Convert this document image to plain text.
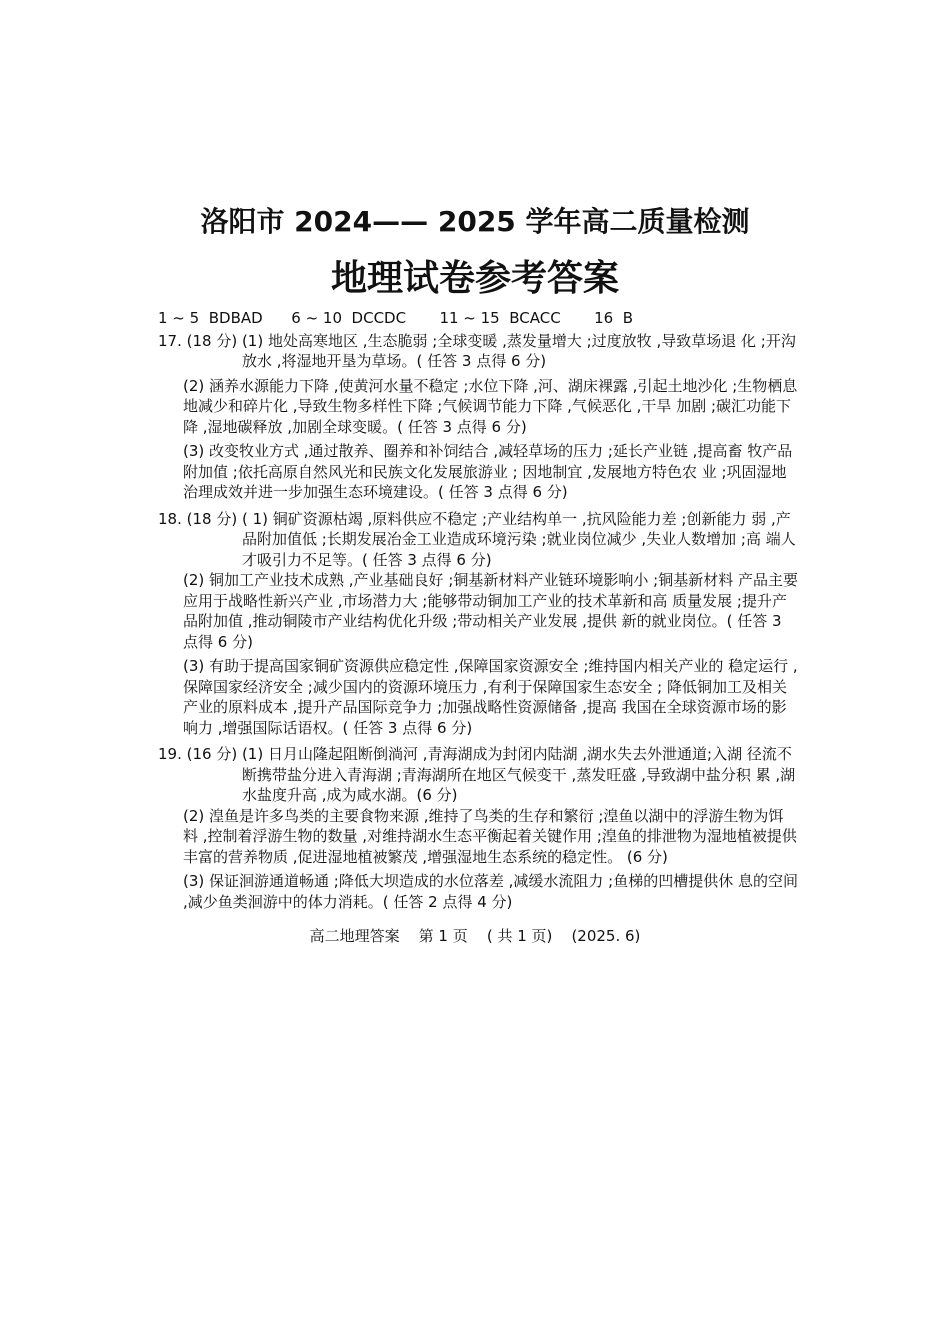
洛阳市 2024—— 2025 学年高二质量检测
地理试卷参考答案
1 ~ 5  BDBAD      6 ~ 10  DCCDC       11 ~ 15  BCACC       16  B
17. (18 分) (1) 地处高寒地区 ,生态脆弱 ;全球变暖 ,蒸发量增大 ;过度放牧 ,导致草场退 化 ;开沟放水 ,将湿地开垦为草场。( 任答 3 点得 6 分)
(2) 涵养水源能力下降 ,使黄河水量不稳定 ;水位下降 ,河、湖床裸露 ,引起土地沙化 ;生物栖息地减少和碎片化 ,导致生物多样性下降 ;气候调节能力下降 ,气候恶化 ,干旱 加剧 ;碳汇功能下降 ,湿地碳释放 ,加剧全球变暖。( 任答 3 点得 6 分)
(3) 改变牧业方式 ,通过散养、圈养和补饲结合 ,减轻草场的压力 ;延长产业链 ,提高畜 牧产品附加值 ;依托高原自然风光和民族文化发展旅游业 ; 因地制宜 ,发展地方特色农 业 ;巩固湿地治理成效并进一步加强生态环境建设。( 任答 3 点得 6 分)
18. (18 分) ( 1) 铜矿资源枯竭 ,原料供应不稳定 ;产业结构单一 ,抗风险能力差 ;创新能力 弱 ,产品附加值低 ;长期发展冶金工业造成环境污染 ;就业岗位减少 ,失业人数增加 ;高 端人才吸引力不足等。( 任答 3 点得 6 分)
(2) 铜加工产业技术成熟 ,产业基础良好 ;铜基新材料产业链环境影响小 ;铜基新材料 产品主要应用于战略性新兴产业 ,市场潜力大 ;能够带动铜加工产业的技术革新和高 质量发展 ;提升产品附加值 ,推动铜陵市产业结构优化升级 ;带动相关产业发展 ,提供 新的就业岗位。( 任答 3 点得 6 分)
(3) 有助于提高国家铜矿资源供应稳定性 ,保障国家资源安全 ;维持国内相关产业的 稳定运行 ,保障国家经济安全 ;减少国内的资源环境压力 ,有利于保障国家生态安全 ; 降低铜加工及相关产业的原料成本 ,提升产品国际竞争力 ;加强战略性资源储备 ,提高 我国在全球资源市场的影响力 ,增强国际话语权。( 任答 3 点得 6 分)
19. (16 分) (1) 日月山隆起阻断倒淌河 ,青海湖成为封闭内陆湖 ,湖水失去外泄通道;入湖 径流不断携带盐分进入青海湖 ;青海湖所在地区气候变干 ,蒸发旺盛 ,导致湖中盐分积 累 ,湖水盐度升高 ,成为咸水湖。(6 分)
(2) 湟鱼是许多鸟类的主要食物来源 ,维持了鸟类的生存和繁衍 ;湟鱼以湖中的浮游生物为饵料 ,控制着浮游生物的数量 ,对维持湖水生态平衡起着关键作用 ;湟鱼的排泄物为湿地植被提供丰富的营养物质 ,促进湿地植被繁茂 ,增强湿地生态系统的稳定性。 (6 分)
(3) 保证洄游通道畅通 ;降低大坝造成的水位落差 ,减缓水流阻力 ;鱼梯的凹槽提供休 息的空间 ,减少鱼类洄游中的体力消耗。( 任答 2 点得 4 分)
高二地理答案    第 1 页    ( 共 1 页)    (2025. 6)
